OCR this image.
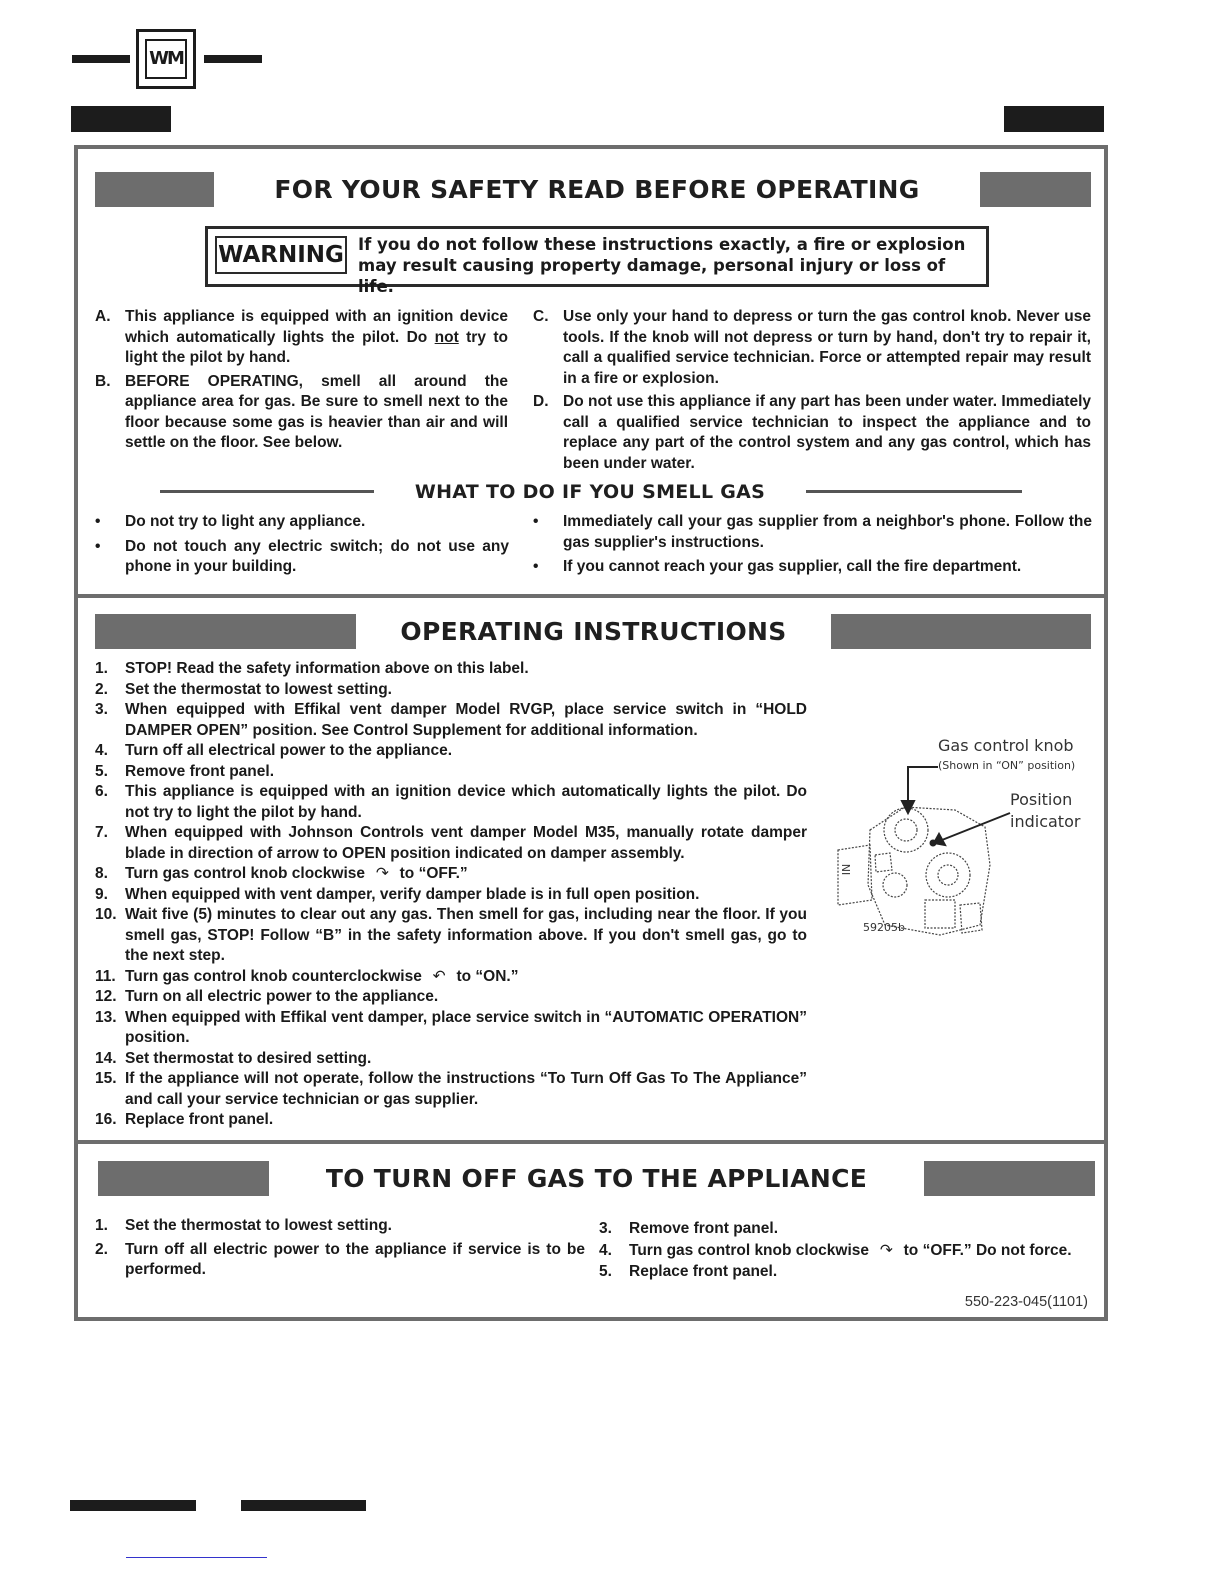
WM
FOR YOUR SAFETY READ BEFORE OPERATING
WARNING If you do not follow these instructions exactly, a fire or explosion may result causing property damage, personal injury or loss of life.
A. This appliance is equipped with an ignition device which automatically lights the pilot. Do not try to light the pilot by hand.
B. BEFORE OPERATING, smell all around the appliance area for gas. Be sure to smell next to the floor because some gas is heavier than air and will settle on the floor. See below.
C. Use only your hand to depress or turn the gas control knob. Never use tools. If the knob will not depress or turn by hand, don't try to repair it, call a qualified service technician. Force or attempted repair may result in a fire or explosion.
D. Do not use this appliance if any part has been under water. Immediately call a qualified service technician to inspect the appliance and to replace any part of the control system and any gas control, which has been under water.
WHAT TO DO IF YOU SMELL GAS
• Do not try to light any appliance.
• Do not touch any electric switch; do not use any phone in your building.
• Immediately call your gas supplier from a neighbor's phone. Follow the gas supplier's instructions.
• If you cannot reach your gas supplier, call the fire department.
OPERATING INSTRUCTIONS
1. STOP! Read the safety information above on this label.
2. Set the thermostat to lowest setting.
3. When equipped with Effikal vent damper Model RVGP, place service switch in “HOLD DAMPER OPEN” position. See Control Supplement for additional information.
4. Turn off all electrical power to the appliance.
5. Remove front panel.
6. This appliance is equipped with an ignition device which automatically lights the pilot. Do not try to light the pilot by hand.
7. When equipped with Johnson Controls vent damper Model M35, manually rotate damper blade in direction of arrow to OPEN position indicated on damper assembly.
8. Turn gas control knob clockwise ↷ to “OFF.”
9. When equipped with vent damper, verify damper blade is in full open position.
10. Wait five (5) minutes to clear out any gas. Then smell for gas, including near the floor. If you smell gas, STOP! Follow “B” in the safety information above. If you don't smell gas, go to the next step.
11. Turn gas control knob counterclockwise ↶ to “ON.”
12. Turn on all electric power to the appliance.
13. When equipped with Effikal vent damper, place service switch in “AUTOMATIC OPERATION” position.
14. Set thermostat to desired setting.
15. If the appliance will not operate, follow the instructions “To Turn Off Gas To The Appliance” and call your service technician or gas supplier.
16. Replace front panel.
Gas control knob
(Shown in “ON” position)
Position
indicator
59205b
NI
TO TURN OFF GAS TO THE APPLIANCE
1. Set the thermostat to lowest setting.
2. Turn off all electric power to the appliance if service is to be performed.
3. Remove front panel.
4. Turn gas control knob clockwise ↷ to “OFF.” Do not force.
5. Replace front panel.
550-223-045(1101)
